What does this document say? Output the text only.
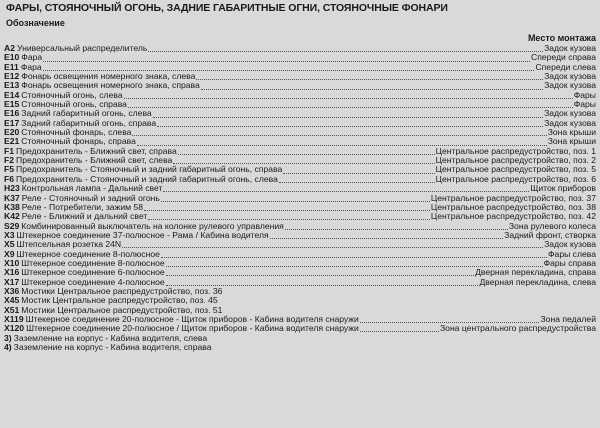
ФАРЫ, СТОЯНОЧНЫЙ ОГОНЬ, ЗАДНИЕ ГАБАРИТНЫЕ ОГНИ, СТОЯНОЧНЫЕ ФОНАРИ
Обозначение
Место монтажа
A2 Универсальный распределитель	Задок кузова
E10 Фара	Спереди справа
E11 Фара	Спереди слева
E12 Фонарь освещения номерного знака, слева	Задок кузова
E13 Фонарь освещения номерного знака, справа	Задок кузова
E14 Стояночный огонь, слева	Фары
E15 Стояночный огонь, справа	Фары
E16 Задний габаритный огонь, слева	Задок кузова
E17 Задний габаритный огонь, справа	Задок кузова
E20 Стояночный фонарь, слева	Зона крыши
E21 Стояночный фонарь, справа	Зона крыши
F1 Предохранитель - Ближний свет, справа	Центральное распредустройство, поз. 1
F2 Предохранитель - Ближний свет, слева	Центральное распредустройство, поз. 2
F5 Предохранитель - Стояночный и задний габаритный огонь, справа	Центральное распредустройство, поз. 5
F6 Предохранитель - Стояночный и задний габаритный огонь, слева	Центральное распредустройство, поз. 6
H23 Контрольная лампа - Дальний свет	Щиток приборов
K37 Реле - Стояночный и задний огонь	Центральное распредустройство, поз. 37
K38 Реле - Потребители, зажим 58	Центральное распредустройство, поз. 38
K42 Реле - Ближний и дальний свет	Центральное распредустройство, поз. 42
S29 Комбинированный выключатель на колонке рулевого управления	Зона рулевого колеса
X3 Штекерное соединение 37-полюсное - Рама / Кабина водителя	Задний фронт, створка
X5 Штепсельная розетка 24N	Задок кузова
X9 Штекерное соединение 8-полюсное	Фары слева
X10 Штекерное соединение 8-полюсное	Фары справа
X16 Штекерное соединение 6-полюсное	Дверная перекладина, справа
X17 Штекерное соединение 4-полюсное	Дверная перекладина, слева
X36 Мостики Центральное распредустройство, поз. 36
X45 Мостик Центральное распредустройство, поз. 45
X51 Мостики Центральное распредустройство, поз. 51
X119 Штекерное соединение 20-полюсное - Щиток приборов - Кабина водителя снаружи	Зона педалей
X120 Штекерное соединение 20-полюсное / Щиток приборов - Кабина водителя снаружи	Зона центрального распредустройства
3) Заземление на корпус - Кабина водителя, слева
4) Заземление на корпус - Кабина водителя, справа
